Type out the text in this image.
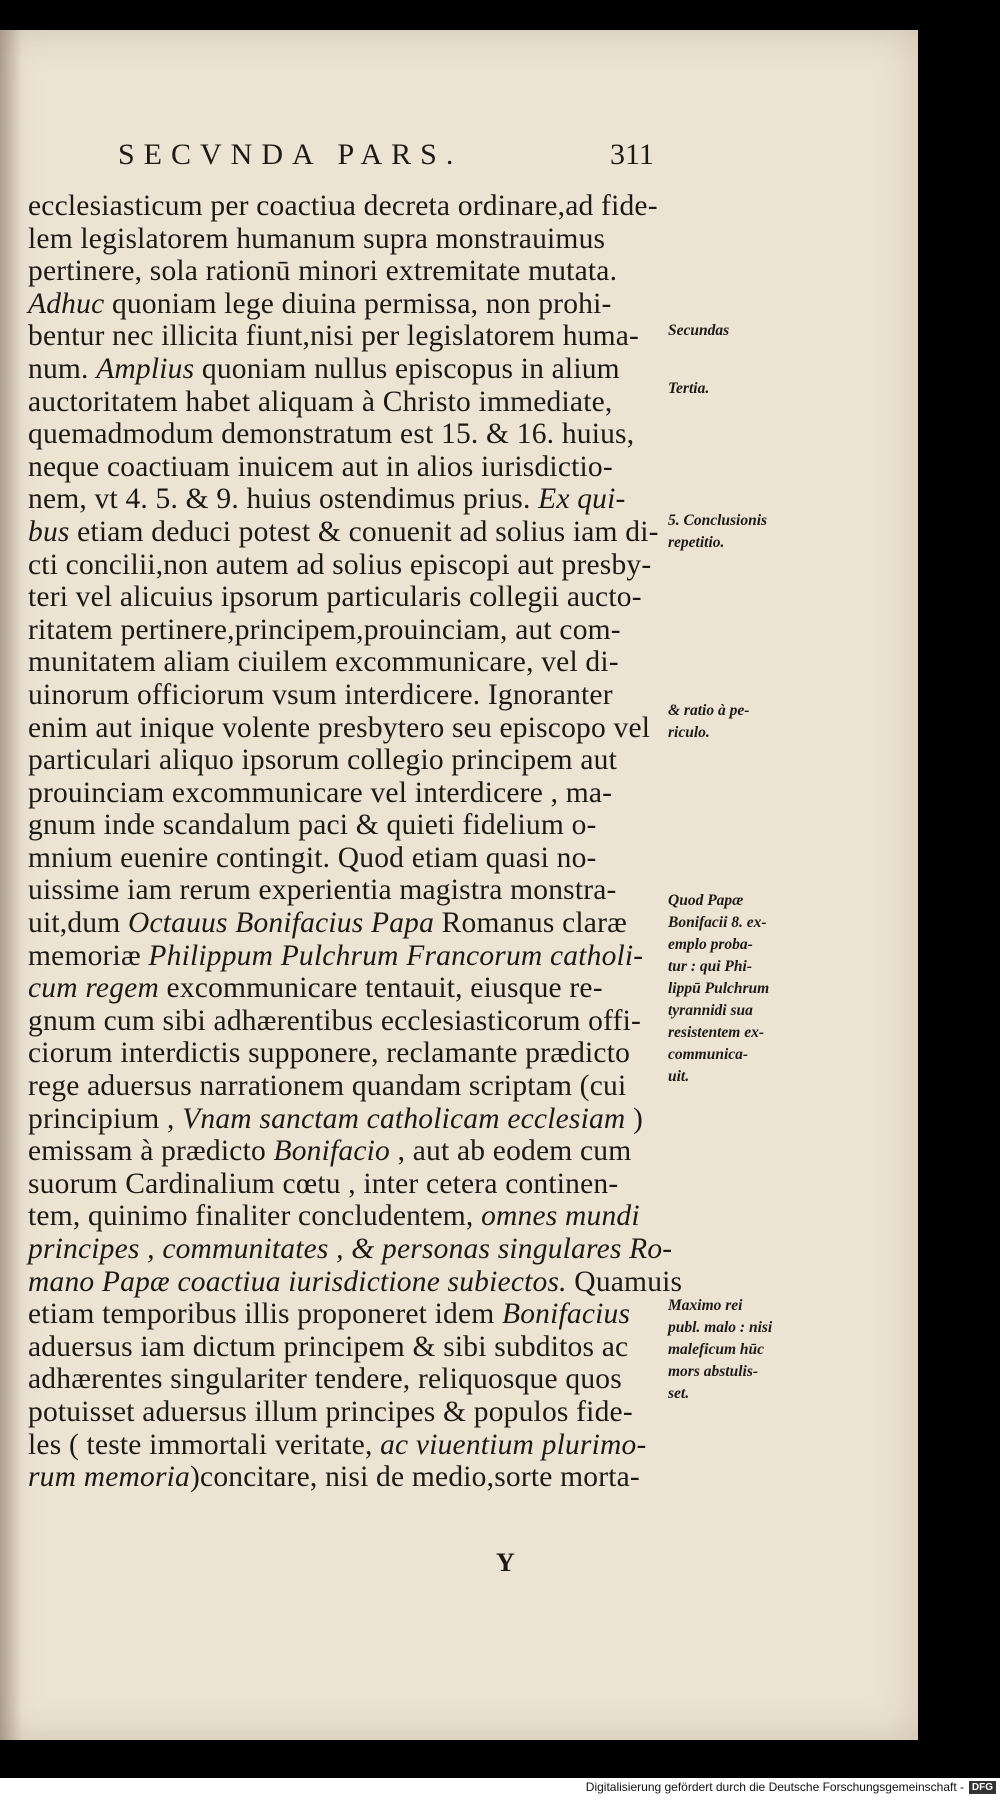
SECVNDA PARS.	311
ecclesiasticum per coactiua decreta ordinare,ad fide-
lem legislatorem humanum supra monstrauimus
pertinere, sola rationū minori extremitate mutata.
Adhuc quoniam lege diuina permissa, non prohi-
bentur nec illicita fiunt,nisi per legislatorem huma-
num. Amplius quoniam nullus episcopus in alium
auctoritatem habet aliquam à Christo immediate,
quemadmodum demonstratum est 15. & 16. huius,
neque coactiuam inuicem aut in alios iurisdictio-
nem, vt 4. 5. & 9. huius ostendimus prius. Ex qui-
bus etiam deduci potest & conuenit ad solius iam di-
cti concilii,non autem ad solius episcopi aut presby-
teri vel alicuius ipsorum particularis collegii aucto-
ritatem pertinere,principem,prouinciam, aut com-
munitatem aliam ciuilem excommunicare, vel di-
uinorum officiorum vsum interdicere. Ignoranter
enim aut inique volente presbytero seu episcopo vel
particulari aliquo ipsorum collegio principem aut
prouinciam excommunicare vel interdicere , ma-
gnum inde scandalum paci & quieti fidelium o-
mnium euenire contingit. Quod etiam quasi no-
uissime iam rerum experientia magistra monstra-
uit,dum Octauus Bonifacius Papa Romanus claræ
memoriæ Philippum Pulchrum Francorum catholi-
cum regem excommunicare tentauit, eiusque re-
gnum cum sibi adhærentibus ecclesiasticorum offi-
ciorum interdictis supponere, reclamante prædicto
rege aduersus narrationem quandam scriptam (cui
principium , Vnam sanctam catholicam ecclesiam )
emissam à prædicto Bonifacio , aut ab eodem cum
suorum Cardinalium cœtu , inter cetera continen-
tem, quinimo finaliter concludentem, omnes mundi
principes , communitates , & personas singulares Ro-
mano Papæ coactiua iurisdictione subiectos. Quamuis
etiam temporibus illis proponeret idem Bonifacius
aduersus iam dictum principem & sibi subditos ac
adhærentes singulariter tendere, reliquosque quos
potuisset aduersus illum principes & populos fide-
les ( teste immortali veritate, ac viuentium plurimo-
rum memoria)concitare, nisi de medio,sorte morta-
Secundas
Tertia.
5. Conclusionis
repetitio.
& ratio à pe-
riculo.
Quod Papæ
Bonifacii 8. ex-
emplo proba-
tur : qui Phi-
lippū Pulchrum
tyrannidi sua
resistentem ex-
communica-
uit.
Maximo rei
publ. malo : nisi
maleficum hūc
mors abstulis-
set.
Y
Digitalisierung gefördert durch die Deutsche Forschungsgemeinschaft - DFG
